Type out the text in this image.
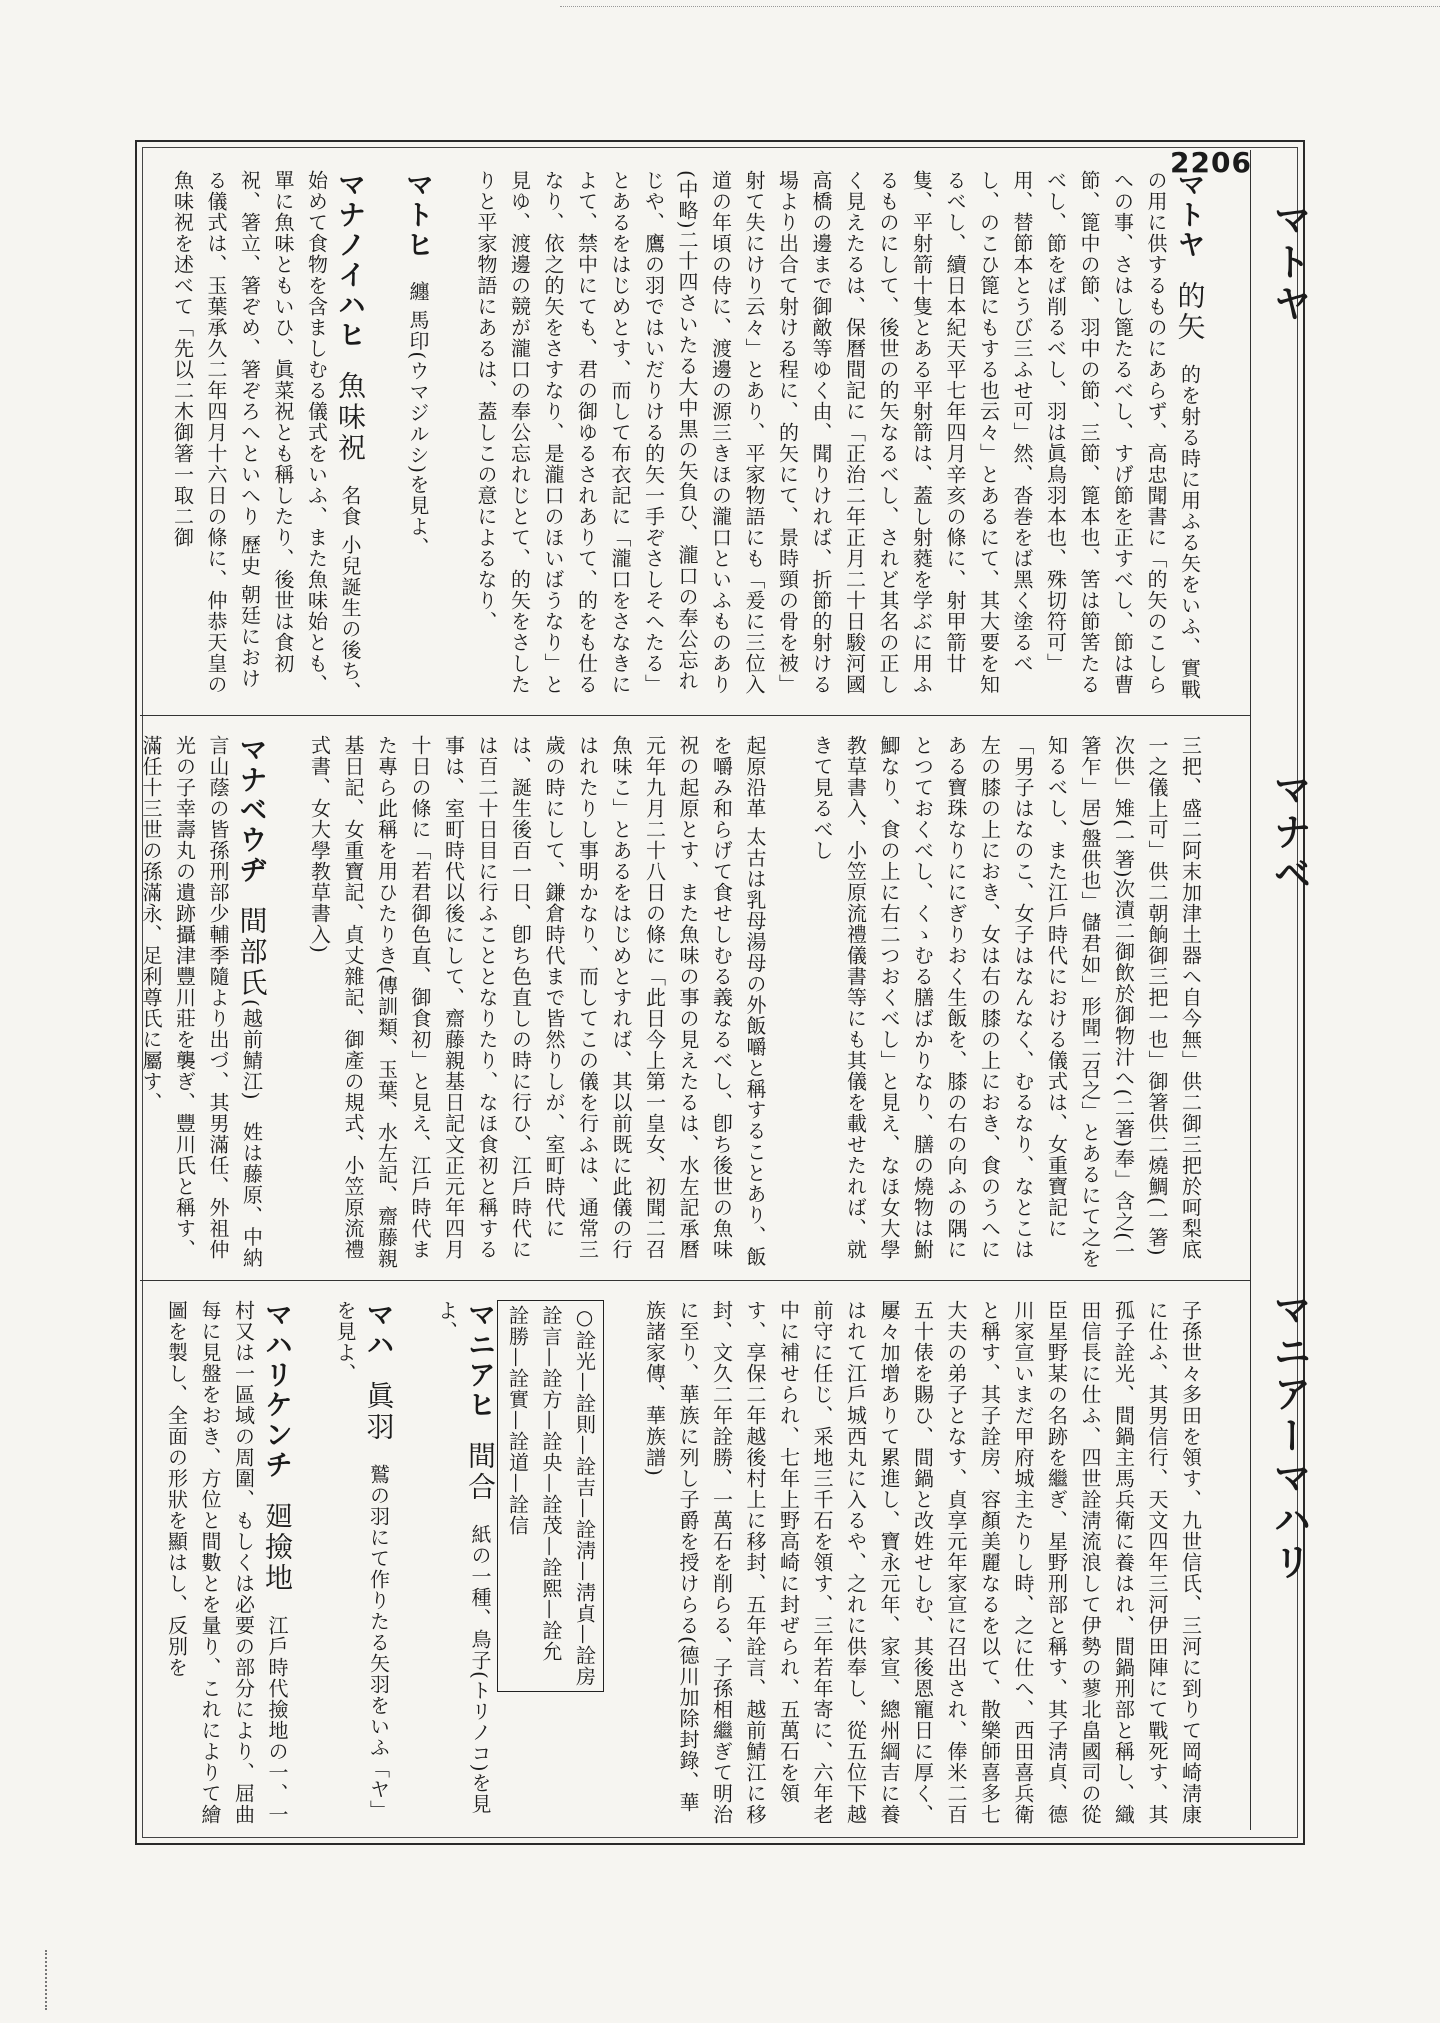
2206
マトヤ
マナベ
マニアーマハリ

マトヤ　的矢　的を射る時に用ふる矢をいふ、實戰の用に供するものにあらず、高忠聞書に「的矢のこしらへの事、さはし篦たるべし、すげ節を正すべし、節は曹節、篦中の節、羽中の節、三節、篦本也、筈は節筈たるべし、節をば削るべし、羽は眞鳥羽本也、殊切符可」用、替節本とうび三ふせ可」然、沓巻をば黑く塗るべし、のこひ篦にもする也云々」とあるにて、其大要を知るべし、續日本紀天平七年四月辛亥の條に、射甲箭廿隻、平射箭十隻とある平射箭は、蓋し射蕤を学ぶに用ふるものにして、後世の的矢なるべし、されど其名の正しく見えたるは、保曆間記に「正治二年正月二十日駿河國高橋の邊まで御敵等ゆく由、聞りければ、折節的射ける場より出合て射ける程に、的矢にて、景時頸の骨を被」射て失にけり云々」とあり、平家物語にも「爰に三位入道の年頃の侍に、渡邊の源三きほの瀧口といふものあり(中略)二十四さいたる大中黒の矢負ひ、瀧口の奉公忘れじや、鷹の羽ではいだりける的矢一手ぞさしそへたる」とあるをはじめとす、而して布衣記に「瀧口をさなきによて、禁中にても、君の御ゆるされありて、的をも仕るなり、依之的矢をさすなり、是瀧口のほいばうなり」と見ゆ、渡邊の競が瀧口の奉公忘れじとて、的矢をさしたりと平家物語にあるは、蓋しこの意によるなり、

マトヒ　纏 馬印(ウマジルシ)を見よ、

マナノイハヒ　魚味祝　名食 小兒誕生の後ち、始めて食物を含ましむる儀式をいふ、また魚味始とも、單に魚味ともいひ、眞菜祝とも稱したり、後世は食初祝、箸立、箸ぞめ、箸ぞろへといへり 歷史 朝廷における儀式は、玉葉承久二年四月十六日の條に、仲恭天皇の魚味祝を述べて「先以二木御箸一取二御

三把、盛二阿末加津土器へ自今無」供二御三把於呵梨底一之儀上可」供二朝餉御三把一也」御箸供二燒鯛(一箸)次供」雉(一箸)次漬二御飲於御物汁へ(二箸)奉」含之(一箸乍」居)盤供也」儲君如」形聞二召之」とあるにて之を知るべし、また江戶時代における儀式は、女重寶記に「男子はなのこ、女子はなんなく、むるなり、なとこは左の膝の上におき、女は右の膝の上におき、食のうへにある寶珠なりににぎりおく生飯を、膝の右の向ふの隅にとつておくべし、くゝむる膳ばかりなり、膳の燒物は鮒鯽なり、食の上に右二つおくべし」と見え、なほ女大學教草書入、小笠原流禮儀書等にも其儀を載せたれば、就きて見るべし

起原沿革 太古は乳母湯母の外飯嚼と稱することあり、飯を嚼み和らげて食せしむる義なるべし、卽ち後世の魚味祝の起原とす、また魚味の事の見えたるは、水左記承曆元年九月二十八日の條に「此日今上第一皇女、初聞二召魚味こ」とあるをはじめとすれば、其以前既に此儀の行はれたりし事明かなり、而してこの儀を行ふは、通常三歲の時にして、鎌倉時代まで皆然りしが、室町時代には、誕生後百一日、卽ち色直しの時に行ひ、江戶時代には百二十日目に行ふこととなりたり、なほ食初と稱する事は、室町時代以後にして、齋藤親基日記文正元年四月十日の條に「若君御色直、御食初」と見え、江戶時代また專ら此稱を用ひたりき(傳訓類、玉葉、水左記、齋藤親基日記、女重寶記、貞丈雜記、御產の規式、小笠原流禮式書、女大學教草書入)

マナベウヂ　間部氏(越前鯖江)　姓は藤原、中納言山蔭の皆孫刑部少輔季隨より出づ、其男滿任、外祖仲光の子幸壽丸の遺跡攝津豐川莊を襲ぎ、豐川氏と稱す、滿任十三世の孫滿永、足利尊氏に屬す、

子孫世々多田を領す、九世信氏、三河に到りて岡崎淸康に仕ふ、其男信行、天文四年三河伊田陣にて戰死す、其孤子詮光、間鍋主馬兵衛に養はれ、間鍋刑部と稱し、織田信長に仕ふ、四世詮淸流浪して伊勢の蓼北畠國司の從臣星野某の名跡を繼ぎ、星野刑部と稱す、其子淸貞、德川家宣いまだ甲府城主たりし時、之に仕へ、西田喜兵衛と稱す、其子詮房、容顏美麗なるを以て、散樂師喜多七大夫の弟子となす、貞享元年家宣に召出され、俸米二百五十俵を賜ひ、間鍋と改姓せしむ、其後恩寵日に厚く、屢々加增ありて累進し、寶永元年、家宣、總州綱吉に養はれて江戶城西丸に入るや、之れに供奉し、從五位下越前守に任じ、采地三千石を領す、三年若年寄に、六年老中に補せられ、七年上野高崎に封ぜられ、五萬石を領す、享保二年越後村上に移封、五年詮言、越前鯖江に移封、文久二年詮勝、一萬石を削らる、子孫相繼ぎて明治に至り、華族に列し子爵を授けらる(德川加除封錄、華族諸家傳、華族譜)

○詮光—詮則—詮吉—詮淸—淸貞—詮房
詮言—詮方—詮央—詮茂—詮熙—詮允
詮勝—詮實—詮道—詮信

マニアヒ　間合　紙の一種、鳥子(トリノコ)を見よ、

マハ　眞羽　鷲の羽にて作りたる矢羽をいふ「ヤ」を見よ、

マハリケンチ　廻撿地　江戶時代撿地の一、一村又は一區域の周圍、もしくは必要の部分により、屈曲每に見盤をおき、方位と間數とを量り、これによりて繪圖を製し、全面の形狀を顯はし、反別を
